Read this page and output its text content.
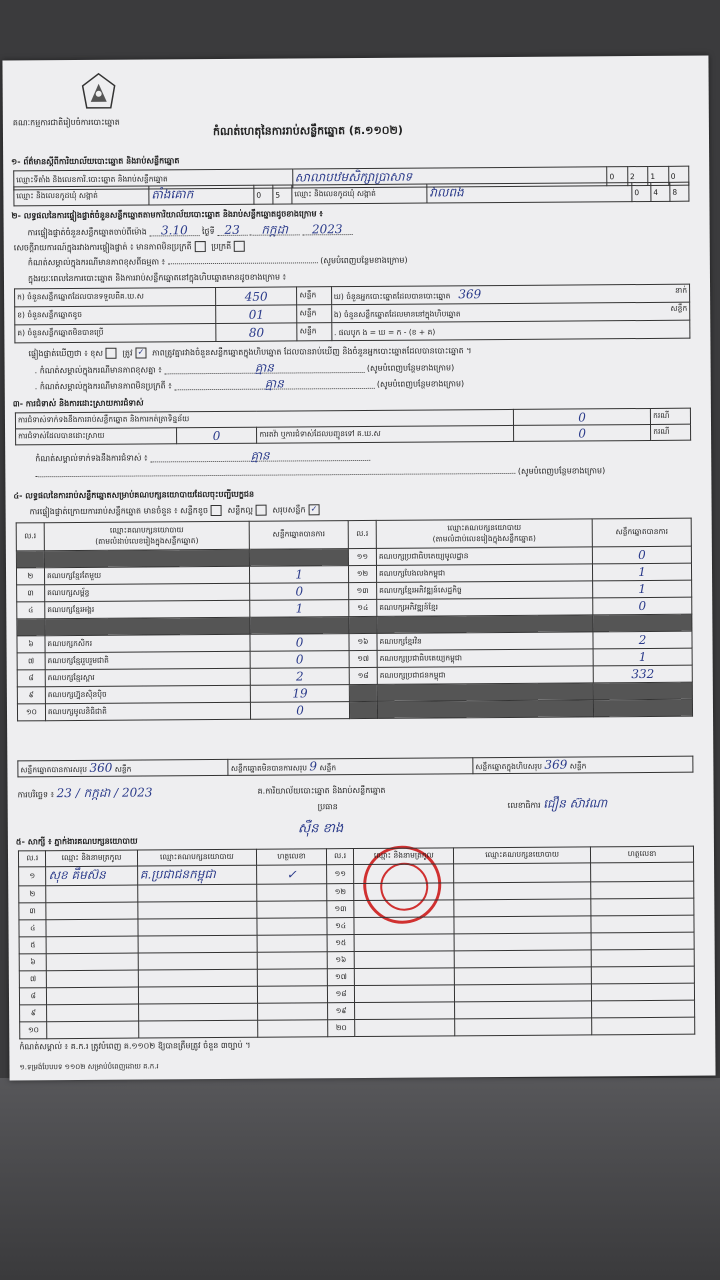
គណៈកម្មការជាតិរៀបចំការបោះឆ្នោត
កំណត់ហេតុនៃការរាប់សន្លឹកឆ្នោត (គ.១១០២)
១- ព័ត៌មានស្ដីពីការិយាល័យបោះឆ្នោត និងរាប់សន្លឹកឆ្នោត
ឈ្មោះទីតាំង និងលេខការិ.បោះឆ្នោត និងរាប់សន្លឹកឆ្នោត	សាលាបឋមសិក្សាប្រាសាទ	0	2	1	0
ឈ្មោះ និងលេខកូដឃុំ សង្កាត់	តាំងគោក	0	5	ឈ្មោះ និងលេខកូដឃុំ សង្កាត់	វាលពង	0	4	8
២- លទ្ធផលនៃការផ្ទៀងផ្ទាត់ចំនួនសន្លឹកឆ្នោតតាមការិយាល័យបោះឆ្នោត និងរាប់សន្លឹកឆ្នោតដូចខាងក្រោម ៖
ការផ្ទៀងផ្ទាត់ចំនួនសន្លឹកឆ្នោតចាប់ពីម៉ោង 3.10 ថ្ងៃទី 23 កក្កដា 2023
សេចក្ដីរាយការណ៍ក្នុងរវាងការផ្ទៀងផ្ទាត់ ៖ មានភាពមិនប្រក្រតី ប្រក្រតី
កំណត់សម្គាល់ក្នុងករណីមានភាពខុសពីធម្មតា ៖	(សូមបំពេញបន្ថែមខាងក្រោម)
ក្នុងរយៈពេលនៃការបោះឆ្នោត និងការរាប់សន្លឹកឆ្នោតនៅក្នុងហិបឆ្នោតមានដូចខាងក្រោម ៖
ក) ចំនួនសន្លឹកឆ្នោតដែលបានទទួលពីគ.ឃ.ស	450	សន្លឹក	ឃ) ចំនួនអ្នកបោះឆ្នោតដែលបានបោះឆ្នោត 369 នាក់

ខ) ចំនួនសន្លឹកឆ្នោតខូច	01	សន្លឹក	ង) ចំនួនសន្លឹកឆ្នោតដែលមាននៅក្នុងហិបឆ្នោត
សន្លឹក

គ) ចំនួនសន្លឹកឆ្នោតមិនបានប្រើ	80	សន្លឹក	. ផលបូក ង = ឃ = ក - (ខ + គ)
ផ្ទៀងផ្ទាត់ឃើញថា ៖ ខុស ត្រូវ ✓ ភាពត្រូវគ្នារវាងចំនួនសន្លឹកឆ្នោតក្នុងហិបឆ្នោត ដែលបានរាប់ឃើញ និងចំនួនអ្នកបោះឆ្នោតដែលបានបោះឆ្នោត ។
. កំណត់សម្គាល់ក្នុងករណីមានភាពខុសគ្នា ៖	គ្មាន	(សូមបំពេញបន្ថែមខាងក្រោម)
. កំណត់សម្គាល់ក្នុងករណីមានភាពមិនប្រក្រតី ៖	គ្មាន	(សូមបំពេញបន្ថែមខាងក្រោម)
៣- ការជំទាស់ និងការដោះស្រាយការជំទាស់
ការជំទាស់ទាក់ទងនឹងការរាប់សន្លឹកឆ្នោត និងការកត់ត្រាទិន្នន័យ			0	ករណី
ការជំទាស់ដែលបានដោះស្រាយ	0	ការតវ៉ា ឬការជំទាស់ដែលបញ្ជូនទៅ គ.ឃ.ស	0	ករណី
កំណត់សម្គាល់ទាក់ទងនឹងការជំទាស់ ៖	គ្មាន
(សូមបំពេញបន្ថែមខាងក្រោម)
៤- លទ្ធផលនៃការរាប់សន្លឹកឆ្នោតសម្រាប់គណបក្សនយោបាយដែលចុះបញ្ជីបេក្ខជន
ការផ្ទៀងផ្ទាត់ក្រោយការរាប់សន្លឹកឆ្នោត មានចំនួន ៖ សន្លឹកខូច សន្លឹកល្អ សរុបសន្លឹក ✓
ល.រ	ឈ្មោះគណបក្សនយោបាយ
(តាមលំដាប់លេខរៀងក្នុងសន្លឹកឆ្នោត)	សន្លឹកឆ្នោតបានការ	ល.រ	ឈ្មោះគណបក្សនយោបាយ
(តាមលំដាប់លេខរៀងក្នុងសន្លឹកឆ្នោត)	សន្លឹកឆ្នោតបានការ
			១១	គណបក្សប្រជាធិបតេយ្យមូលដ្ឋាន	0
២	គណបក្សខ្មែរតែមួយ	1	១២	គណបក្សបែងលងកម្ពុជា	1
៣	គណបក្សសម្ព័ន្ធ	0	១៣	គណបក្សខ្មែរអភិវឌ្ឍន៍សេដ្ឋកិច្ច	1
៤	គណបក្សខ្មែរអង្គរ	1	១៤	គណបក្សអភិវឌ្ឍន៍ខ្មែរ	0

៦	គណបក្សកសិករ	0	១៦	គណបក្សខ្មែរវិន	2
៧	គណបក្សខ្មែររួបរួមជាតិ	0	១៧	គណបក្សប្រជាធិបតេយ្យកម្ពុជា	1
៨	គណបក្សខ្មែរស្ដារ	2	១៨	គណបក្សប្រជាជនកម្ពុជា	332
៩	គណបក្សហ្វ៊ុនស៊ិនប៉ិច	19			
១០	គណបក្សមូលនិធិជាតិ	0			
សន្លឹកឆ្នោតបានការសរុប 360 សន្លឹក	សន្លឹកឆ្នោតមិនបានការសរុប 9 សន្លឹក	សន្លឹកឆ្នោតក្នុងហិបសរុប 369 សន្លឹក
ការបរិច្ឆេទ ៖ 23 / កក្កដា / 2023	គ.ការិយាល័យបោះឆ្នោត និងរាប់សន្លឹកឆ្នោត
ប្រធាន
ស៊ឺន ខាង
លេខាធិការ ជឿន ស៊ាវណា
៥- សាក្សី ៖ ភ្នាក់ងារគណបក្សនយោបាយ
ល.រ	ឈ្មោះ និងនាមត្រកូល	ឈ្មោះគណបក្សនយោបាយ	ហត្ថលេខា	ល.រ	ឈ្មោះ និងនាមត្រកូល	ឈ្មោះគណបក្សនយោបាយ	ហត្ថលេខា
១	សុខ គឹមស៊ន	គ.ប្រជាជនកម្ពុជា	✓	១១			
២				១២			
៣				១៣			
៤				១៤			
៥				១៥			
៦				១៦			
៧				១៧			
៨				១៨			
៩				១៩			
១០				២០			
កំណត់សម្គាល់ ៖ គ.ក.រ ត្រូវបំពេញ គ.១១០២ ឱ្យបានត្រឹមត្រូវ ចំនួន ៣ច្បាប់ ។
១.ទម្រង់បែបបទ ១១០២ សម្រាប់បំពេញដោយ គ.ក.រ
